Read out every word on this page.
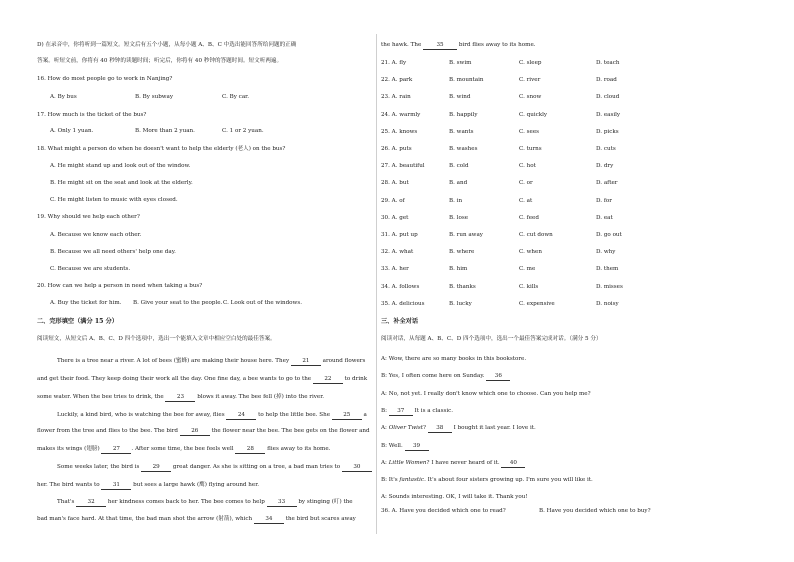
D) 在录音中，你将听到一篇短文。短文后有五个小题，从每小题 A、B、C 中选出能回答所给问题的正确
答案。听短文前，你将有 40 秒钟的读题时间；听完后，你将有 40 秒钟的答题时间。短文听两遍。
16. How do most people go to work in Nanjing?
A. By bus	B. By subway	C. By car.
17. How much is the ticket of the bus?
A. Only 1 yuan.	B. More than 2 yuan.	C. 1 or 2 yuan.
18. What might a person do when he doesn't want to help the elderly (老人) on the bus?
A. He might stand up and look out of the window.
B. He might sit on the seat and look at the elderly.
C. He might listen to music with eyes closed.
19. Why should we help each other?
A. Because we know each other.
B. Because we all need others' help one day.
C. Because we are students.
20. How can we help a person in need when taking a bus?
A. Buy the ticket for him. B. Give your seat to the people. C. Look out of the windows.
二、完形填空（满分 15 分）
阅读短文，从短文后 A、B、C、D 四个选项中，选出一个能填入文章中相应空白处的最佳答案。
There is a tree near a river. A lot of bees (蜜蜂) are making their house here. They 21 around flowers
and get their food. They keep doing their work all the day. One fine day, a bee wants to go to the 22 to drink
some water. When the bee tries to drink, the 23 blows it away. The bee fell (掉) into the river.
Luckily, a kind bird, who is watching the bee for away, flies 24 to help the little bee. She 25 a
flower from the tree and flies to the bee. The bird 26 the flower near the bee. The bee gets on the flower and
makes its wings (翅膀) 27 . After some time, the bee feels well 28 flies away to its home.
Some weeks later, the bird is 29 great danger. As she is sitting on a tree, a bad man tries to 30
her. The bird wants to 31 but sees a large hawk (鹰) flying around her.
That's 32 her kindness comes back to her. The bee comes to help 33 by stinging (叮) the
bad man's face hard. At that time, the bad man shot the arrow (射箭), which 34 the bird but scares away
the hawk. The 35 bird flies away to its home.
21. A. fly	B. swim	C. sleep	D. teach
22. A. park	B. mountain	C. river	D. road
23. A. rain	B. wind	C. snow	D. cloud
24. A. warmly	B. happily	C. quickly	D. easily
25. A. knows	B. wants	C. sees	D. picks
26. A. puts	B. washes	C. turns	D. cuts
27. A. beautiful	B. cold	C. hot	D. dry
28. A. but	B. and	C. or	D. after
29. A. of	B. in	C. at	D. for
30. A. get	B. lose	C. feed	D. eat
31. A. put up	B. run away	C. cut down	D. go out
32. A. what	B. where	C. when	D. why
33. A. her	B. him	C. me	D. them
34. A. follows	B. thanks	C. kills	D. misses
35. A. delicious	B. lucky	C. expensive	D. noisy
三、补全对话
阅读对话，从每题 A、B、C、D 四个选项中，选出一个最佳答案完成对话。（满分 5 分）
A: Wow, there are so many books in this bookstore.
B: Yes, I often come here on Sunday. 36
A: No, not yet. I really don't know which one to choose. Can you help me?
B: 37 It is a classic.
A: Oliver Twist? 38 I bought it last year. I love it.
B: Well. 39
A: Little Women? I have never heard of it. 40
B: It's fantastic. It's about four sisters growing up. I'm sure you will like it.
A: Sounds interesting. OK, I will take it. Thank you!
36. A. Have you decided which one to read?	B. Have you decided which one to buy?
